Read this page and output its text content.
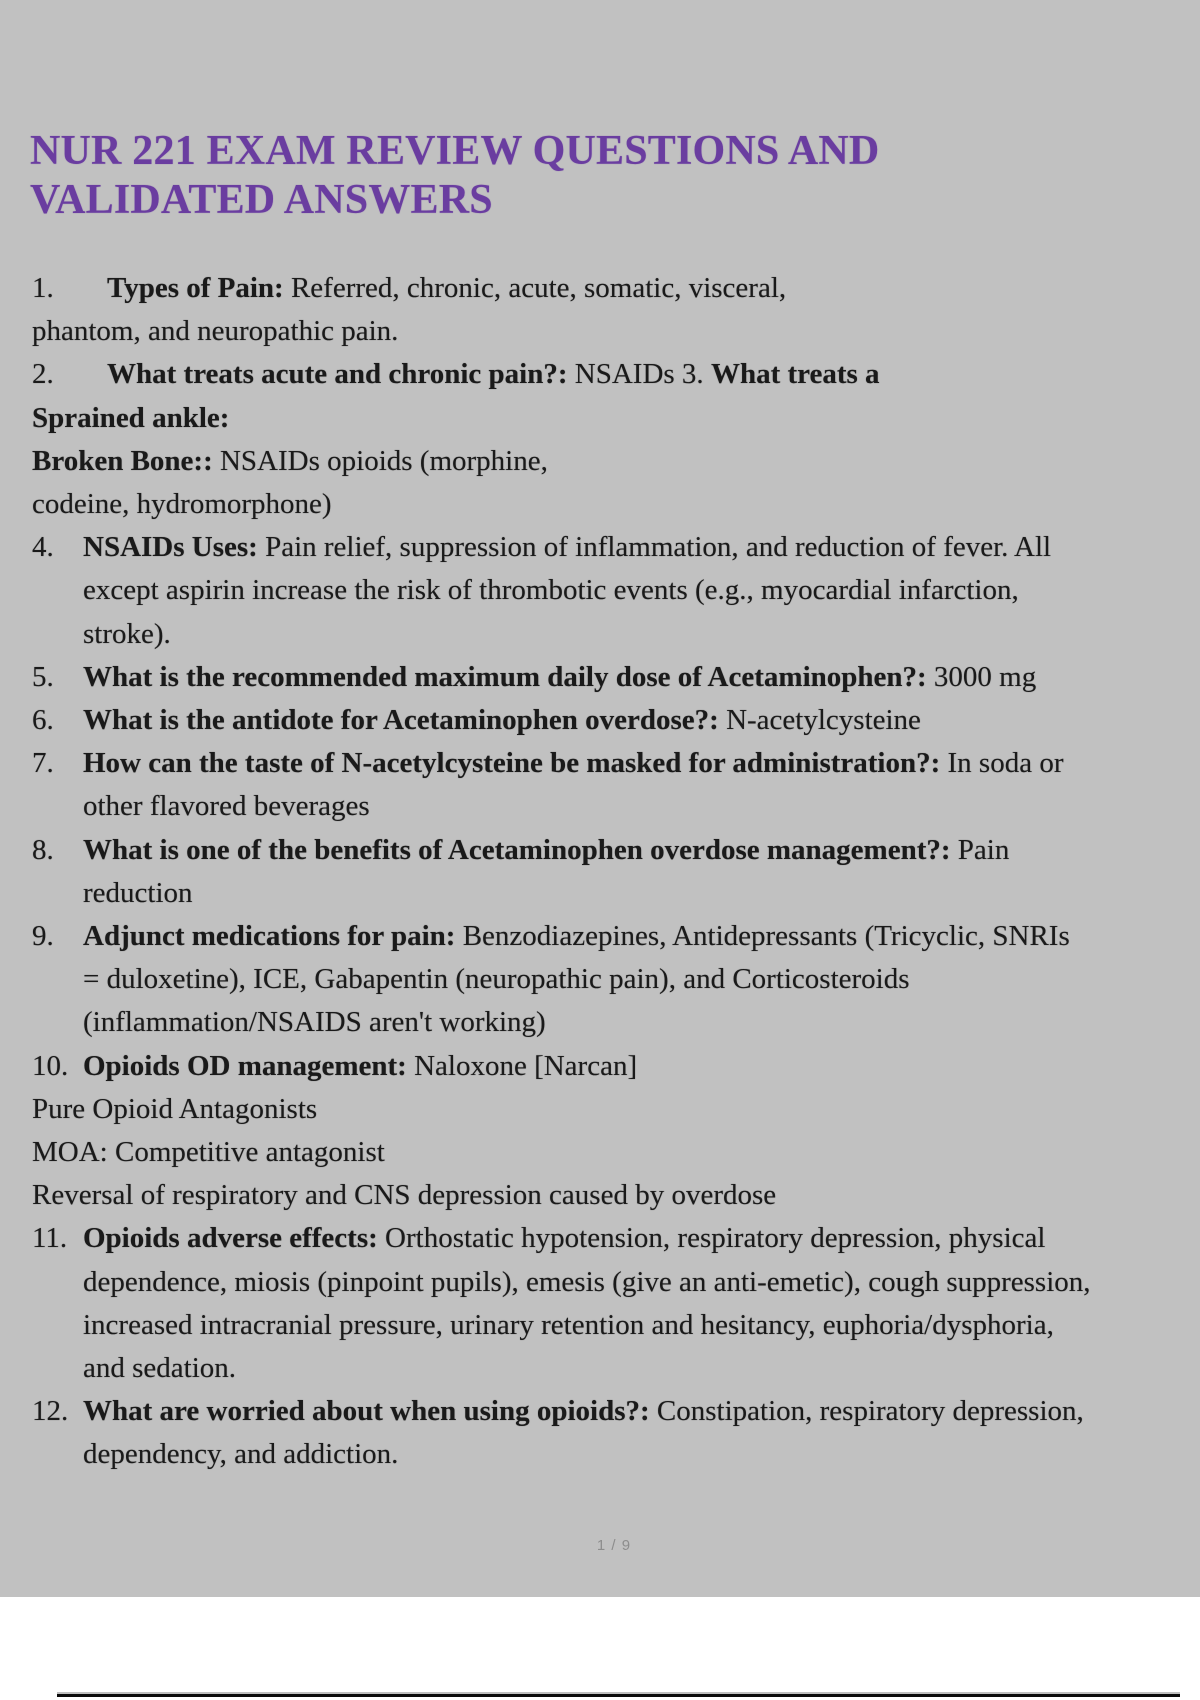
NUR 221 EXAM REVIEW QUESTIONS AND
VALIDATED ANSWERS
1. Types of Pain: Referred, chronic, acute, somatic, visceral,
phantom, and neuropathic pain.
2. What treats acute and chronic pain?: NSAIDs 3. What treats a
Sprained ankle:
Broken Bone:: NSAIDs opioids (morphine,
codeine, hydromorphone)
4. NSAIDs Uses: Pain relief, suppression of inflammation, and reduction of fever. All
except aspirin increase the risk of thrombotic events (e.g., myocardial infarction,
stroke).
5. What is the recommended maximum daily dose of Acetaminophen?: 3000 mg
6. What is the antidote for Acetaminophen overdose?: N-acetylcysteine
7. How can the taste of N-acetylcysteine be masked for administration?: In soda or
other flavored beverages
8. What is one of the benefits of Acetaminophen overdose management?: Pain
reduction
9. Adjunct medications for pain: Benzodiazepines, Antidepressants (Tricyclic, SNRIs
= duloxetine), ICE, Gabapentin (neuropathic pain), and Corticosteroids
(inflammation/NSAIDS aren't working)
10. Opioids OD management: Naloxone [Narcan]
Pure Opioid Antagonists
MOA: Competitive antagonist
Reversal of respiratory and CNS depression caused by overdose
11. Opioids adverse effects: Orthostatic hypotension, respiratory depression, physical
dependence, miosis (pinpoint pupils), emesis (give an anti-emetic), cough suppression,
increased intracranial pressure, urinary retention and hesitancy, euphoria/dysphoria,
and sedation.
12. What are worried about when using opioids?: Constipation, respiratory depression,
dependency, and addiction.
1 / 9
